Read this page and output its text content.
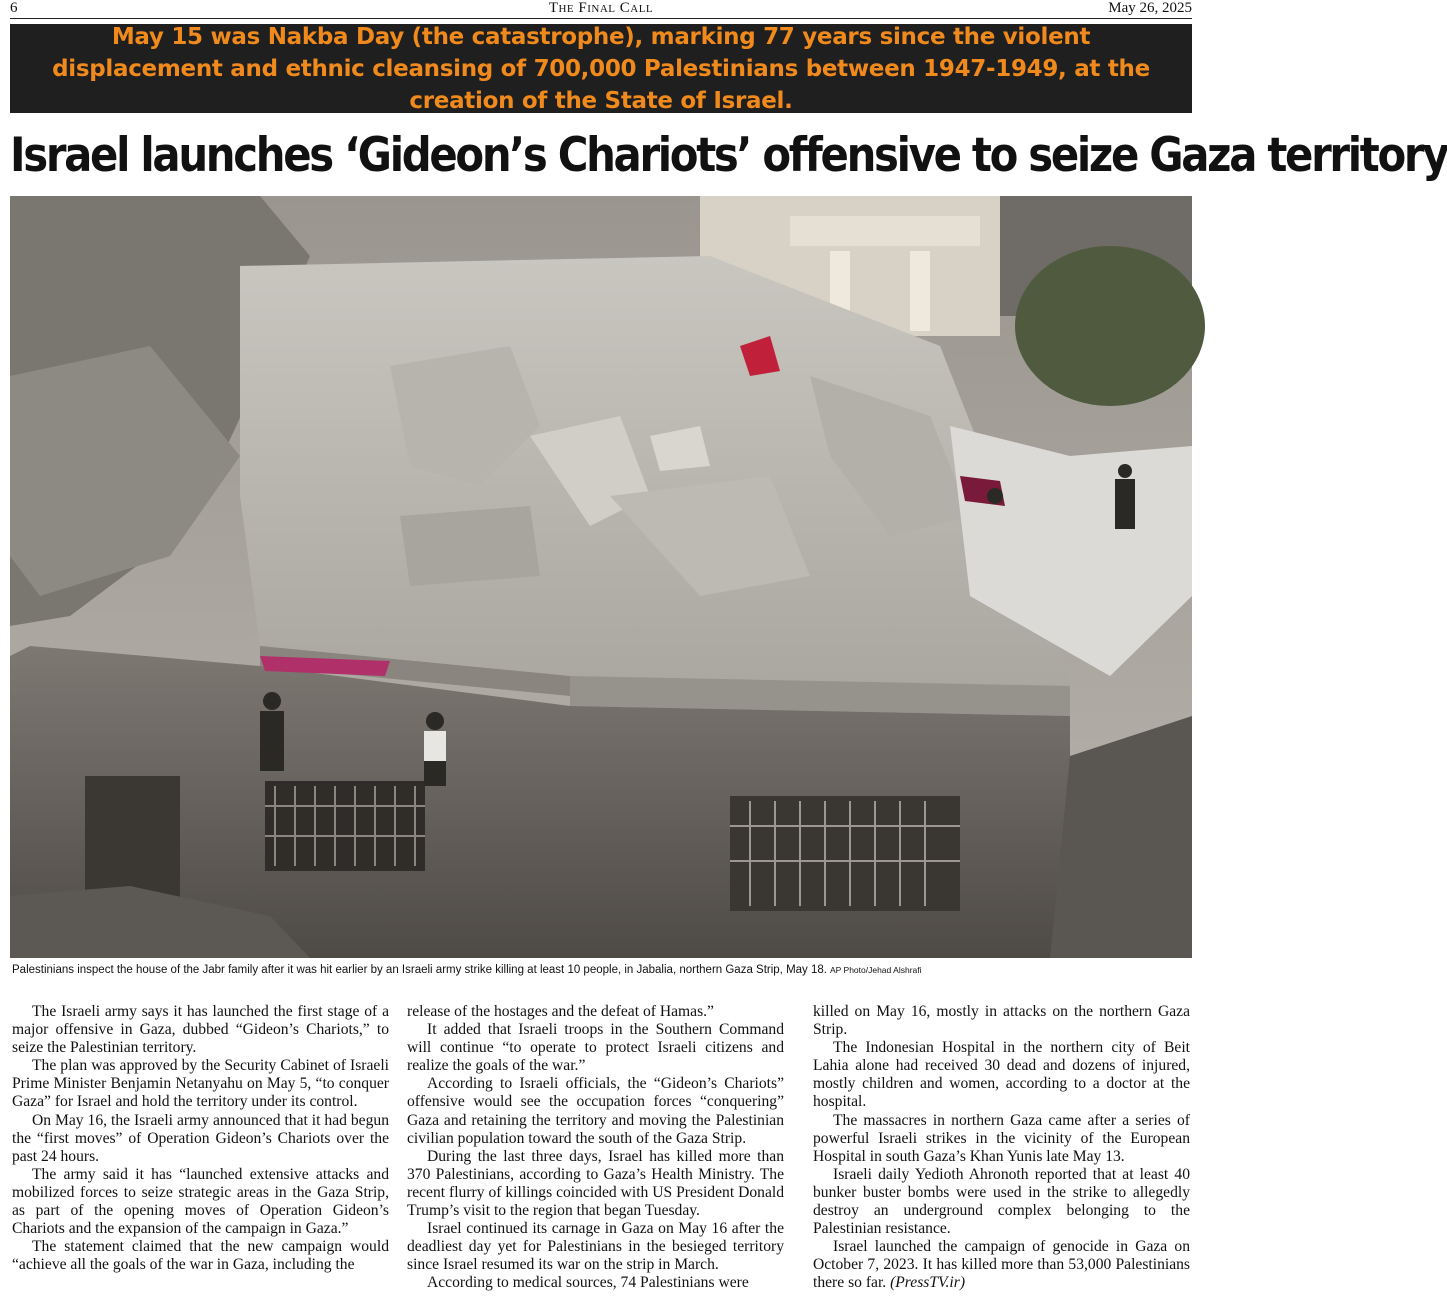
6	The Final Call	May 26, 2025
May 15 was Nakba Day (the catastrophe), marking 77 years since the violent displacement and ethnic cleansing of 700,000 Palestinians between 1947-1949, at the creation of the State of Israel.
Israel launches ‘Gideon’s Chariots’ offensive to seize Gaza territory
Palestinians inspect the house of the Jabr family after it was hit earlier by an Israeli army strike killing at least 10 people, in Jabalia, northern Gaza Strip, May 18. AP Photo/Jehad Alshrafi

The Israeli army says it has launched the first stage of a major offensive in Gaza, dubbed “Gideon’s Chariots,” to seize the Palestinian territory.

The plan was approved by the Security Cabinet of Israeli Prime Minister Benjamin Netanyahu on May 5, “to conquer Gaza” for Israel and hold the territory under its control.

On May 16, the Israeli army announced that it had begun the “first moves” of Operation Gideon’s Chariots over the past 24 hours.

The army said it has “launched extensive attacks and mobilized forces to seize strategic areas in the Gaza Strip, as part of the opening moves of Operation Gideon’s Chariots and the expansion of the campaign in Gaza.”

The statement claimed that the new campaign would “achieve all the goals of the war in Gaza, including the

release of the hostages and the defeat of Hamas.”

It added that Israeli troops in the Southern Command will continue “to operate to protect Israeli citizens and realize the goals of the war.”

According to Israeli officials, the “Gideon’s Chariots” offensive would see the occupation forces “conquering” Gaza and retaining the territory and moving the Palestinian civilian population toward the south of the Gaza Strip.

During the last three days, Israel has killed more than 370 Palestinians, according to Gaza’s Health Ministry. The recent flurry of killings coincided with US President Donald Trump’s visit to the region that began Tuesday.

Israel continued its carnage in Gaza on May 16 after the deadliest day yet for Palestinians in the besieged territory since Israel resumed its war on the strip in March.

According to medical sources, 74 Palestinians were

killed on May 16, mostly in attacks on the northern Gaza Strip.

The Indonesian Hospital in the northern city of Beit Lahia alone had received 30 dead and dozens of injured, mostly children and women, according to a doctor at the hospital.

The massacres in northern Gaza came after a series of powerful Israeli strikes in the vicinity of the European Hospital in south Gaza’s Khan Yunis late May 13.

Israeli daily Yedioth Ahronoth reported that at least 40 bunker buster bombs were used in the strike to allegedly destroy an underground complex belonging to the Palestinian resistance.

Israel launched the campaign of genocide in Gaza on October 7, 2023. It has killed more than 53,000 Palestinians there so far. (PressTV.ir)
